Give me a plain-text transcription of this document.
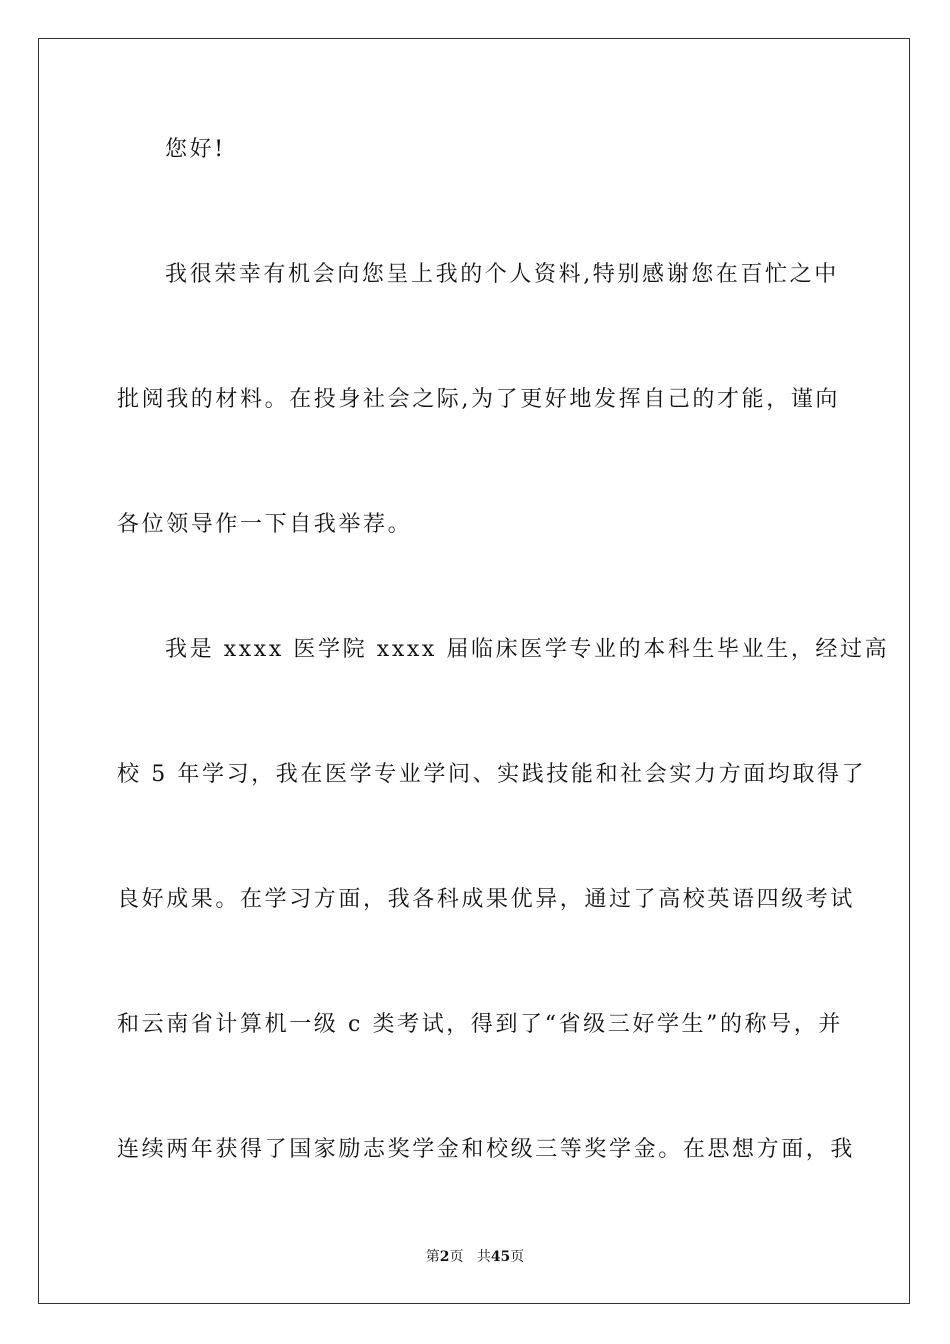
您好!
我很荣幸有机会向您呈上我的个人资料,特别感谢您在百忙之中
批阅我的材料。在投身社会之际,为了更好地发挥自己的才能，谨向
各位领导作一下自我举荐。
我是 xxxx 医学院 xxxx 届临床医学专业的本科生毕业生，经过高
校 5 年学习，我在医学专业学问、实践技能和社会实力方面均取得了
良好成果。在学习方面，我各科成果优异，通过了高校英语四级考试
和云南省计算机一级 c 类考试，得到了“省级三好学生”的称号，并
连续两年获得了国家励志奖学金和校级三等奖学金。在思想方面，我
第2页 共45页
